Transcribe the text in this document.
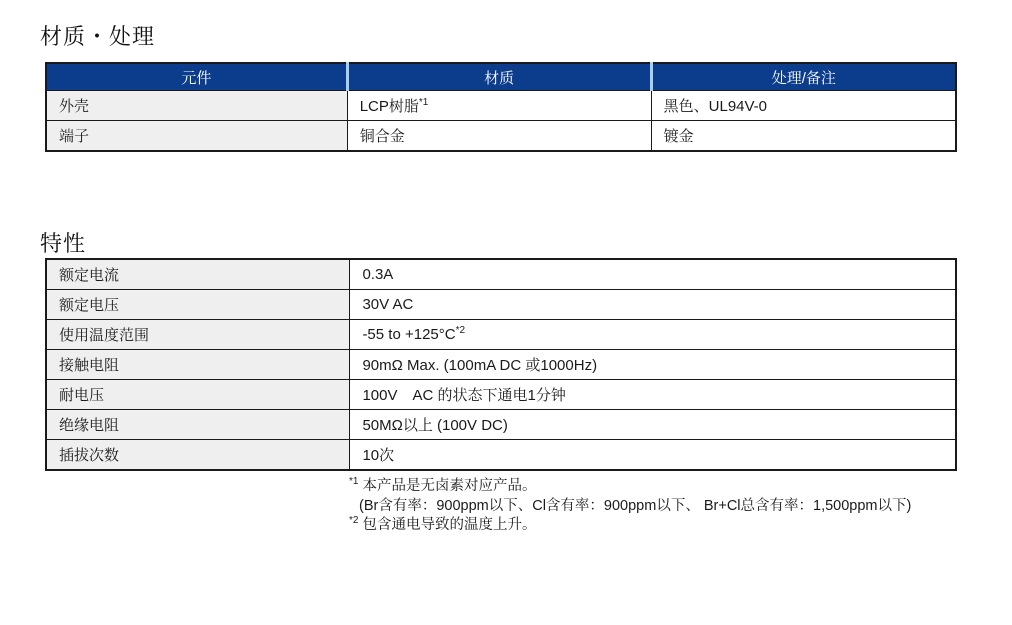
材质・处理
元件	材质	处理/备注
外壳	LCP树脂$^{*1}$	黑色、UL94V-0
端子	铜合金	镀金
特性
额定电流	0.3A
额定电压	30V AC
使用温度范围	-55 to +125°C$^{*2}$
接触电阻	90mΩ Max. (100mA DC 或1000Hz)
耐电压	100V　AC 的状态下通电1分钟
绝缘电阻	50MΩ以上 (100V DC)
插拔次数	10次
$^{*1}$ 本产品是无卤素对应产品。
(Br含有率：900ppm以下、Cl含有率：900ppm以下、 Br+Cl总含有率：1,500ppm以下)
$^{*2}$ 包含通电导致的温度上升。
